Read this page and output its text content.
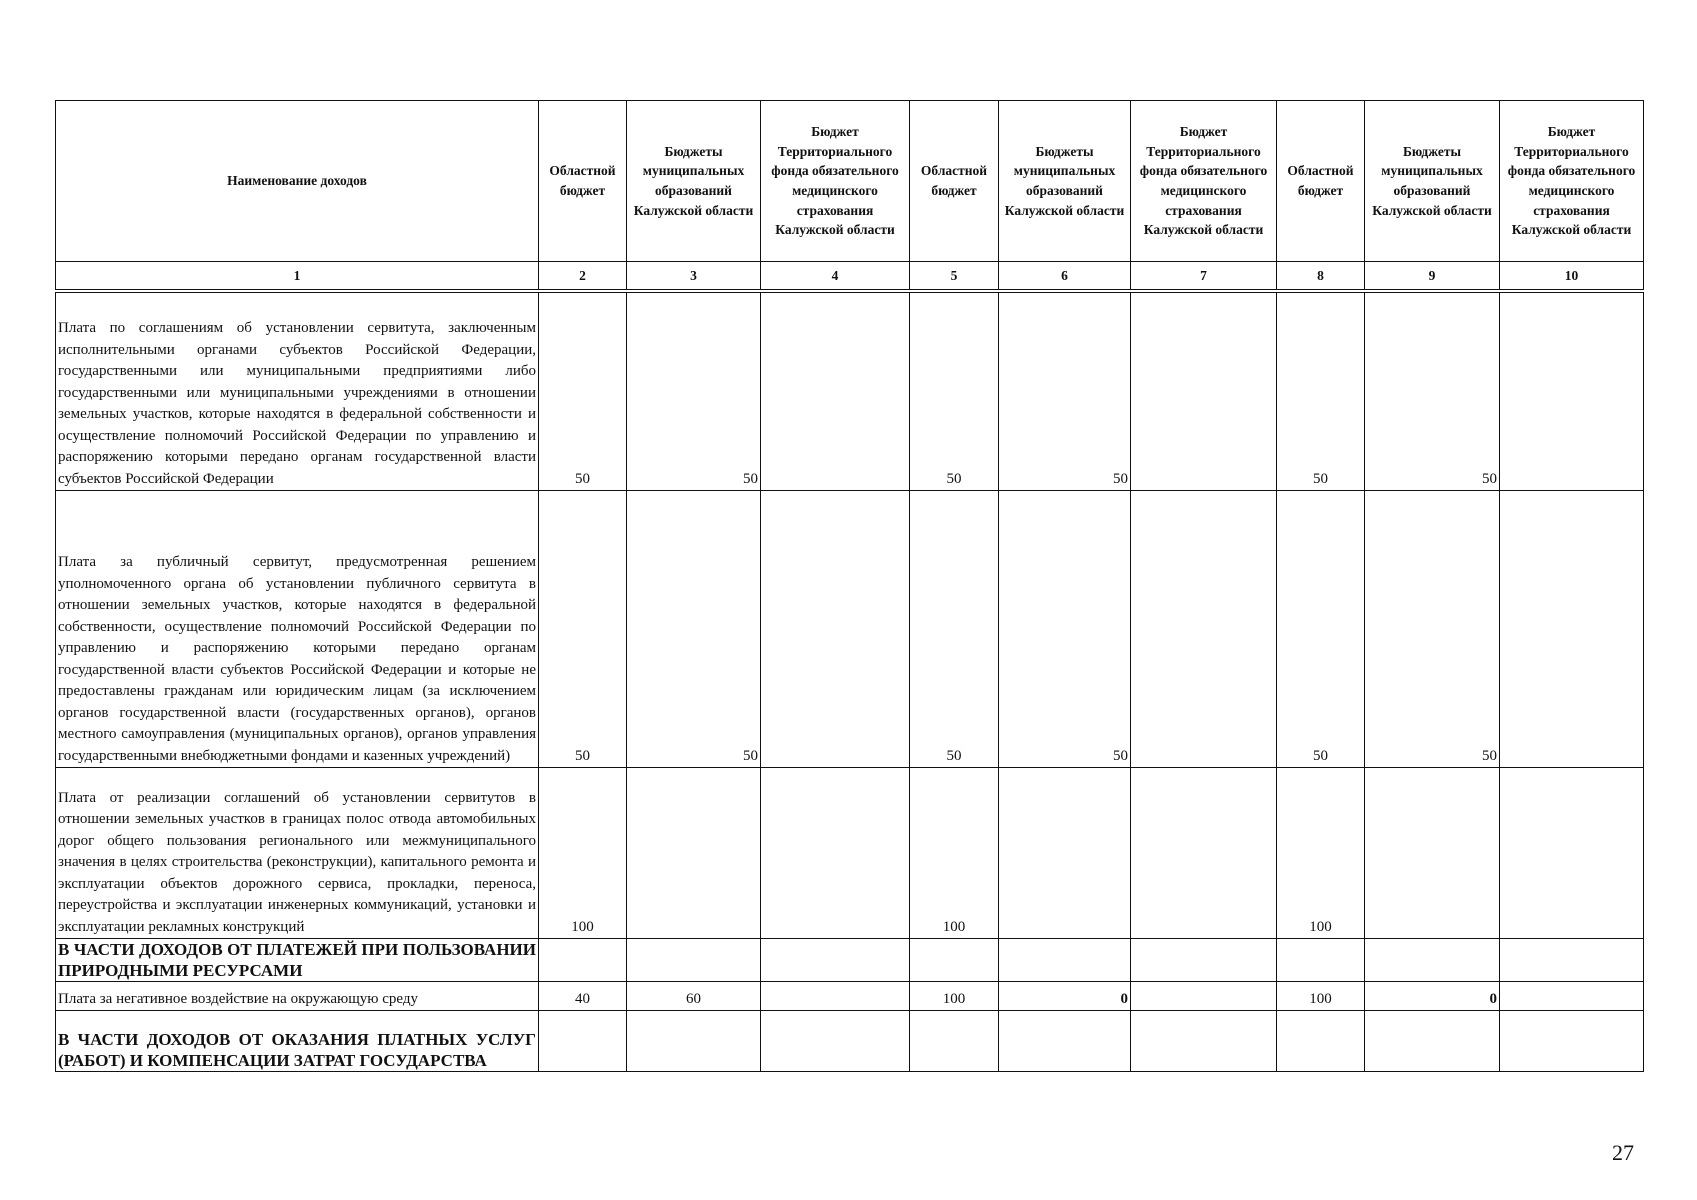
Наименование доходов	Областной бюджет	Бюджеты муниципальных образований Калужской области	Бюджет Территориального фонда обязательного медицинского страхования Калужской области	Областной бюджет	Бюджеты муниципальных образований Калужской области	Бюджет Территориального фонда обязательного медицинского страхования Калужской области	Областной бюджет	Бюджеты муниципальных образований Калужской области	Бюджет Территориального фонда обязательного медицинского страхования Калужской области
1	2	3	4	5	6	7	8	9	10
Плата по соглашениям об установлении сервитута, заключенным исполнительными органами субъектов Российской Федерации, государственными или муниципальными предприятиями либо государственными или муниципальными учреждениями в отношении земельных участков, которые находятся в федеральной собственности и осуществление полномочий Российской Федерации по управлению и распоряжению которыми передано органам государственной власти субъектов Российской Федерации	50	50		50	50		50	50	
Плата за публичный сервитут, предусмотренная решением уполномоченного органа об установлении публичного сервитута в отношении земельных участков, которые находятся в федеральной собственности, осуществление полномочий Российской Федерации по управлению и распоряжению которыми передано органам государственной власти субъектов Российской Федерации и которые не предоставлены гражданам или юридическим лицам (за исключением органов государственной власти (государственных органов), органов местного самоуправления (муниципальных органов), органов управления государственными внебюджетными фондами и казенных учреждений)	50	50		50	50		50	50	
Плата от реализации соглашений об установлении сервитутов в отношении земельных участков в границах полос отвода автомобильных дорог общего пользования регионального или межмуниципального значения в целях строительства (реконструкции), капитального ремонта и эксплуатации объектов дорожного сервиса, прокладки, переноса, переустройства и эксплуатации инженерных коммуникаций, установки и эксплуатации рекламных конструкций	100			100			100		
В ЧАСТИ ДОХОДОВ ОТ ПЛАТЕЖЕЙ ПРИ ПОЛЬЗОВАНИИ ПРИРОДНЫМИ РЕСУРСАМИ									
Плата за негативное воздействие на окружающую среду	40	60		100	0		100	0	
В ЧАСТИ ДОХОДОВ ОТ ОКАЗАНИЯ ПЛАТНЫХ УСЛУГ (РАБОТ) И КОМПЕНСАЦИИ ЗАТРАТ ГОСУДАРСТВА									
27
